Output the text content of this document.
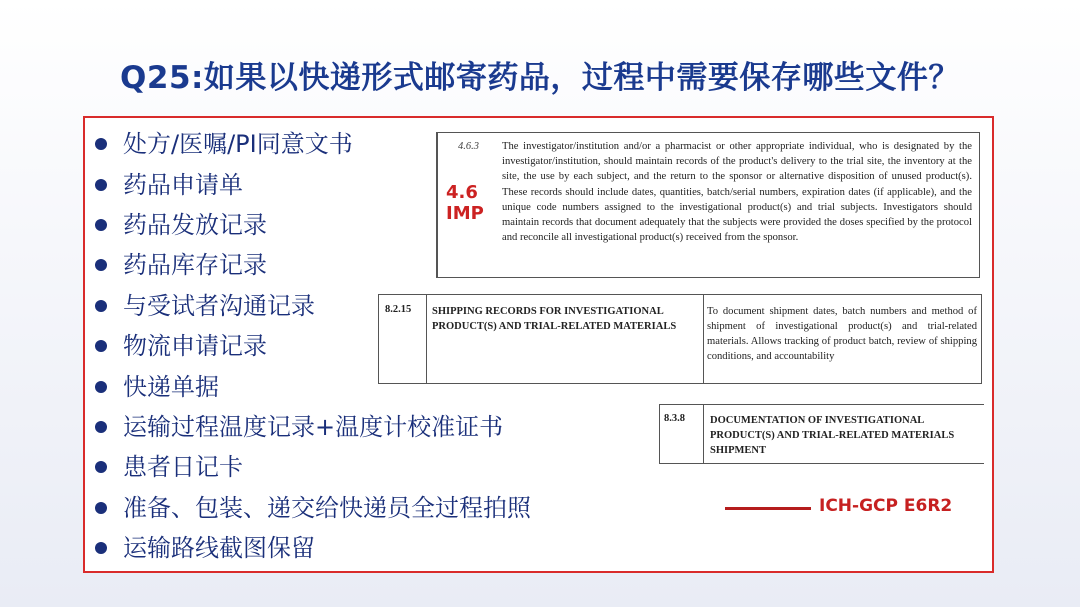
Q25:如果以快递形式邮寄药品，过程中需要保存哪些文件？
处方/医嘱/PI同意文书
药品申请单
药品发放记录
药品库存记录
与受试者沟通记录
物流申请记录
快递单据
运输过程温度记录+温度计校准证书
患者日记卡
准备、包装、递交给快递员全过程拍照
运输路线截图保留
4.6.3 The investigator/institution and/or a pharmacist or other appropriate individual, who is designated by the investigator/institution, should maintain records of the product's delivery to the trial site, the inventory at the site, the use by each subject, and the return to the sponsor or alternative disposition of unused product(s). These records should include dates, quantities, batch/serial numbers, expiration dates (if applicable), and the unique code numbers assigned to the investigational product(s) and trial subjects. Investigators should maintain records that document adequately that the subjects were provided the doses specified by the protocol and reconcile all investigational product(s) received from the sponsor.
4.6
IMP
8.2.15 SHIPPING RECORDS FOR INVESTIGATIONAL PRODUCT(S) AND TRIAL-RELATED MATERIALS
To document shipment dates, batch numbers and method of shipment of investigational product(s) and trial-related materials. Allows tracking of product batch, review of shipping conditions, and accountability
8.3.8 DOCUMENTATION OF INVESTIGATIONAL PRODUCT(S) AND TRIAL-RELATED MATERIALS SHIPMENT
ICH-GCP E6R2
